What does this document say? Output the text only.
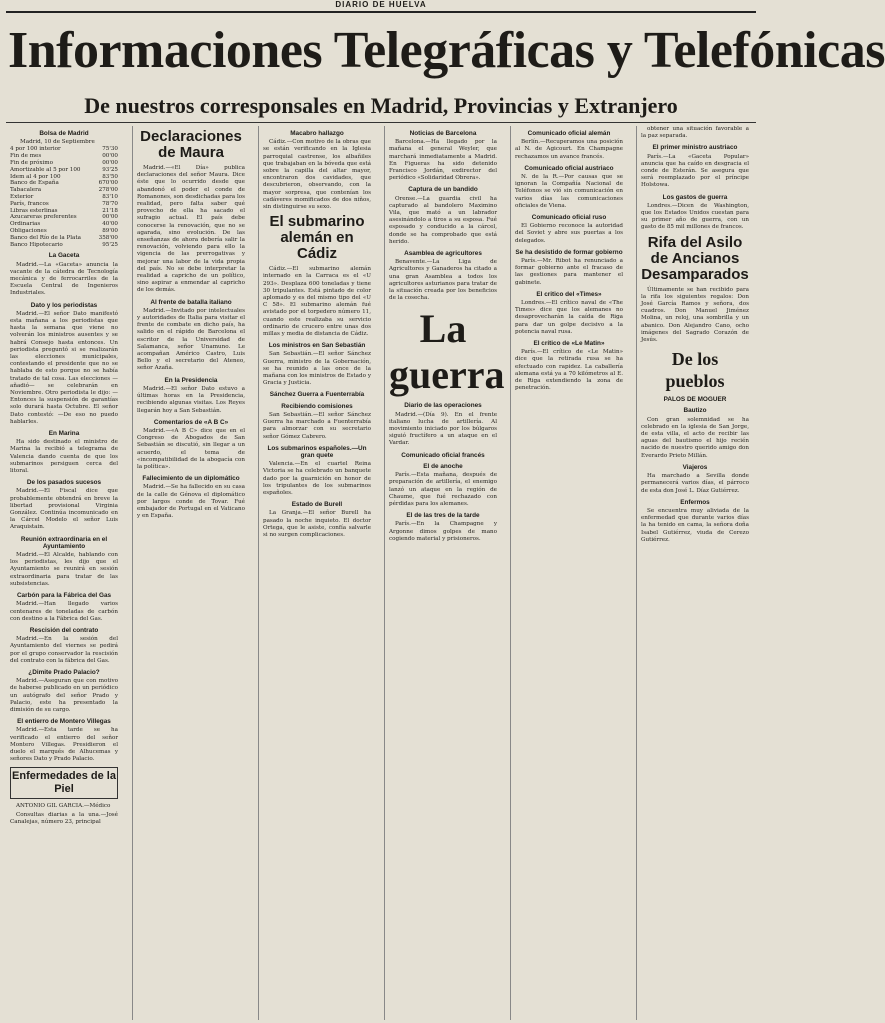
DIARIO DE HUELVA
Informaciones Telegráficas y Telefónicas
De nuestros corresponsales en Madrid, Provincias y Extranjero
Bolsa de Madrid
Madrid, 10 de Septiembre
4 por 100 interior	75'30
Fin de mes	00'00
Fin de próximo	00'00
Amortizable al 5 por 100	93'25
Idem al 4 por 100	83'50
Banco de España	670'00
Tabacalera	278'00
Exterior	83'10
París, francos	78'70
Libras esterlinas	21'18
Azucareras preferentes	00'00
Ordinarias	40'00
Obligaciones	89'00
Banco del Río de la Plata	358'00
Banco Hipotecario	95'25
La Gaceta

Madrid.—La «Gaceta» anuncia la vacante de la cátedra de Tecnología mecánica y de ferrocarriles de la Escuela Central de Ingenieros Industriales.

Dato y los periodistas

Madrid.—El señor Dato manifestó esta mañana a los periodistas que hasta la semana que viene no volverán los ministros ausentes y se habrá Consejo hasta entonces. Un periodista preguntó si se realizarán las elecciones municipales, contestando el presidente que no se hablaba de esto porque no se había tratado de tal cosa. Las elecciones —añadió— se celebrarán en Noviembre. Otro periodista le dijo: —Entonces la suspensión de garantías solo durará hasta Octubre. El señor Dato contestó: —De eso no puedo hablarles.

En Marina

Ha sido destinado el ministro de Marina la recibió a telegrama de Valencia dando cuenta de que los submarinos persiguen cerca del litoral.

De los pasados sucesos

Madrid.—El Fiscal dice que probablemente obtendrá en breve la libertad provisional Virginia González. Continúa incomunicado en la Cárcel Modelo el señor Luis Araquistain.

Reunión extraordinaria en el Ayuntamiento

Madrid.—El Alcalde, hablando con los periodistas, les dijo que el Ayuntamiento se reunirá en sesión extraordinaria para tratar de las subsistencias.

Carbón para la Fábrica del Gas

Madrid.—Han llegado varios centenares de toneladas de carbón con destino a la Fábrica del Gas.

Rescisión del contrato

Madrid.—En la sesión del Ayuntamiento del viernes se pedirá por el grupo conservador la rescisión del contrato con la fábrica del Gas.

¿Dimite Prado Palacio?

Madrid.—Aseguran que con motivo de haberse publicado en un periódico un autógrafo del señor Prado y Palacio, este ha presentado la dimisión de su cargo.

El entierro de Montero Villegas

Madrid.—Esta tarde se ha verificado el entierro del señor Montero Villegas. Presidieron el duelo el marqués de Alhucemas y señores Dato y Prado Palacio.

Enfermedades de la Piel

ANTONIO GIL GARCIA.—Médico

Consultas diarias a la una.—José Canalejas, número 23, principal

Declaraciones de Maura

Madrid.—«El Día» publica declaraciones del señor Maura. Dice éste que lo ocurrido desde que abandonó el poder el conde de Romanones, son desdichadas para los realidad, pero falta saber qué provecho de ella ha sacado el sufragio actual. El país debe conocerse la renovación, que no se agarada, sino evolución. De las enseñanzas de ahora debería salir la renovación, volviendo para ello la vigencia de las prerrogativas y mejorar una labor de la vida propia del país. No se debe interpretar la realidad a capricho de un político, sino aspirar a enmendar al capricho de los demás.

Al frente de batalla italiano

Madrid.—Invitado por intelectuales y autoridades de Italia para visitar el frente de combate en dicho país, ha salido en el rápido de Barcelona el escritor de la Universidad de Salamanca, señor Unamuno. Le acompañan Américo Castro, Luis Bello y el secretario del Ateneo, señor Azaña.

En la Presidencia

Madrid.—El señor Dato estuvo a últimas horas en la Presidencia, recibiendo algunas visitas. Los Reyes llegarán hoy a San Sebastián.

Comentarios de «A B C»

Madrid.—«A B C» dice que en el Congreso de Abogados de San Sebastián se discutió, sin llegar a un acuerdo, el tema de «incompatibilidad de la abogacía con la política».

Fallecimiento de un diplomático

Madrid.—Se ha fallecido en su casa de la calle de Génova el diplomático por largos conde de Tovar. Fué embajador de Portugal en el Vaticano y en España.

Macabro hallazgo

Cádiz.—Con motivo de la obras que se están verificando en la Iglesia parroquial castrense, los albañiles que trabajaban en la bóveda que está sobre la capilla del altar mayor, encontraron dos cavidades, que descubrieron, observando, con la mayor sorpresa, que contenían los cadáveres momificados de dos niños, sin distinguirse su sexo.

El submarino alemán en Cádiz

Cádiz.—El submarino alemán internado en la Carraca es el «U 293». Desplaza 600 toneladas y tiene 30 tripulantes. Está pintado de color aplomado y es del mismo tipo del «U C 58». El submarino alemán fué avistado por el torpedero número 11, cuando este realizaba su servicio ordinario de crucero entre unas dos millas y media de distancia de Cádiz.

Los ministros en San Sebastián

San Sebastián.—El señor Sánchez Guerra, ministro de la Gobernación, se ha reunido a las once de la mañana con los ministros de Estado y Gracia y Justicia.

Sánchez Guerra a Fuenterrabía
Recibiendo comisiones

San Sebastián.—El señor Sánchez Guerra ha marchado a Fuenterrabía para almorzar con su secretario señor Gómez Cabrero.

Los submarinos españoles.—Un gran quete

Valencia.—En el cuartel Reina Victoria se ha celebrado un banquete dado por la guarnición en honor de los tripulantes de los submarinos españoles.

Estado de Burell

La Granja.—El señor Burell ha pasado la noche inquieto. El doctor Ortega, que le asiste, confía salvarle si no surgen complicaciones.

Noticias de Barcelona

Barcelona.—Ha llegado por la mañana el general Weyler, que marchará inmediatamente a Madrid. En Figueras ha sido detenido Francisco Jordán, exdirector del periódico «Solidaridad Obrera».

Captura de un bandido

Orense.—La guardia civil ha capturado al bandolero Maximino Vila, que mató a un labrador asesinándolo a tiros a su esposa. Fué esposado y conducido a la cárcel, donde se ha comprobado que está herido.

Asamblea de agricultores

Benavente.—La Liga de Agricultores y Ganaderos ha citado a una gran Asamblea a todos los agricultores asturianos para tratar de la situación creada por los beneficios de la cosecha.

La guerra
Diario de las operaciones

Madrid.—(Día 9). En el frente italiano lucha de artillería. Al movimiento iniciado por los búlgaros siguió fructífero a un ataque en el Vardar.

Comunicado oficial francés
El de anoche

París.—Esta mañana, después de preparación de artillería, el enemigo lanzó un ataque en la región de Chaume, que fué rechazado con pérdidas para los alemanes.

El de las tres de la tarde

París.—En la Champagne y Argonne dimos golpes de mano cogiendo material y prisioneros.

Comunicado oficial alemán

Berlín.—Recuperamos una posición al N. de Agicourt. En Champagne rechazamos un avance francés.

Comunicado oficial austriaco

N. de la R.—Por causas que se ignoran la Compañía Nacional de Teléfonos se vió sin comunicación en varios días las comunicaciones oficiales de Viena.

Comunicado oficial ruso

El Gobierno reconoce la autoridad del Soviet y abre sus puertas a los delegados.

Se ha desistido de formar gobierno

París.—Mr. Ribot ha renunciado a formar gobierno ante el fracaso de las gestiones para mantener el gabinete.

El critico del «Times»

Londres.—El crítico naval de «The Times» dice que los alemanes no desaprovecharán la caída de Riga para dar un golpe decisivo a la potencia naval rusa.

El crítico de «Le Matin»

París.—El crítico de «Le Matin» dice que la retirada rusa se ha efectuado con rapidez. La caballería alemana está ya a 70 kilómetros al E. de Riga extendiendo la zona de penetración.

obtener una situación favorable a la paz separada.

El primer ministro austriaco

París.—La «Gaceta Popular» anuncia que ha caído en desgracia el conde de Esterán. Se asegura que será reemplazado por el príncipe Holstowa.

Los gastos de guerra

Londres.—Dicen de Washington, que los Estados Unidos cuestan para su primer año de guerra, con un gasto de 85 mil millones de francos.

Rifa del Asilo de Ancianos Desamparados

Últimamente se han recibido para la rifa los siguientes regalos: Don José García Ramos y señora, dos cuadros. Don Manuel Jiménez Molina, un reloj, una sombrilla y un abanico. Don Alejandro Cano, ocho imágenes del Sagrado Corazón de Jesús.

De los pueblos
PALOS DE MOGUER
Bautizo

Con gran solemnidad se ha celebrado en la iglesia de San Jorge, de esta villa, el acto de recibir las aguas del bautismo el hijo recién nacido de nuestro querido amigo don Everardo Prieto Millán.

Viajeros

Ha marchado a Sevilla donde permanecerá varios días, el párroco de esta don José L. Díaz Gutiérrez.

Enfermos

Se encuentra muy aliviada de la enfermedad que durante varios días la ha tenido en cama, la señora doña Isabel Gutiérrez, viuda de Cerezo Gutiérrez.
